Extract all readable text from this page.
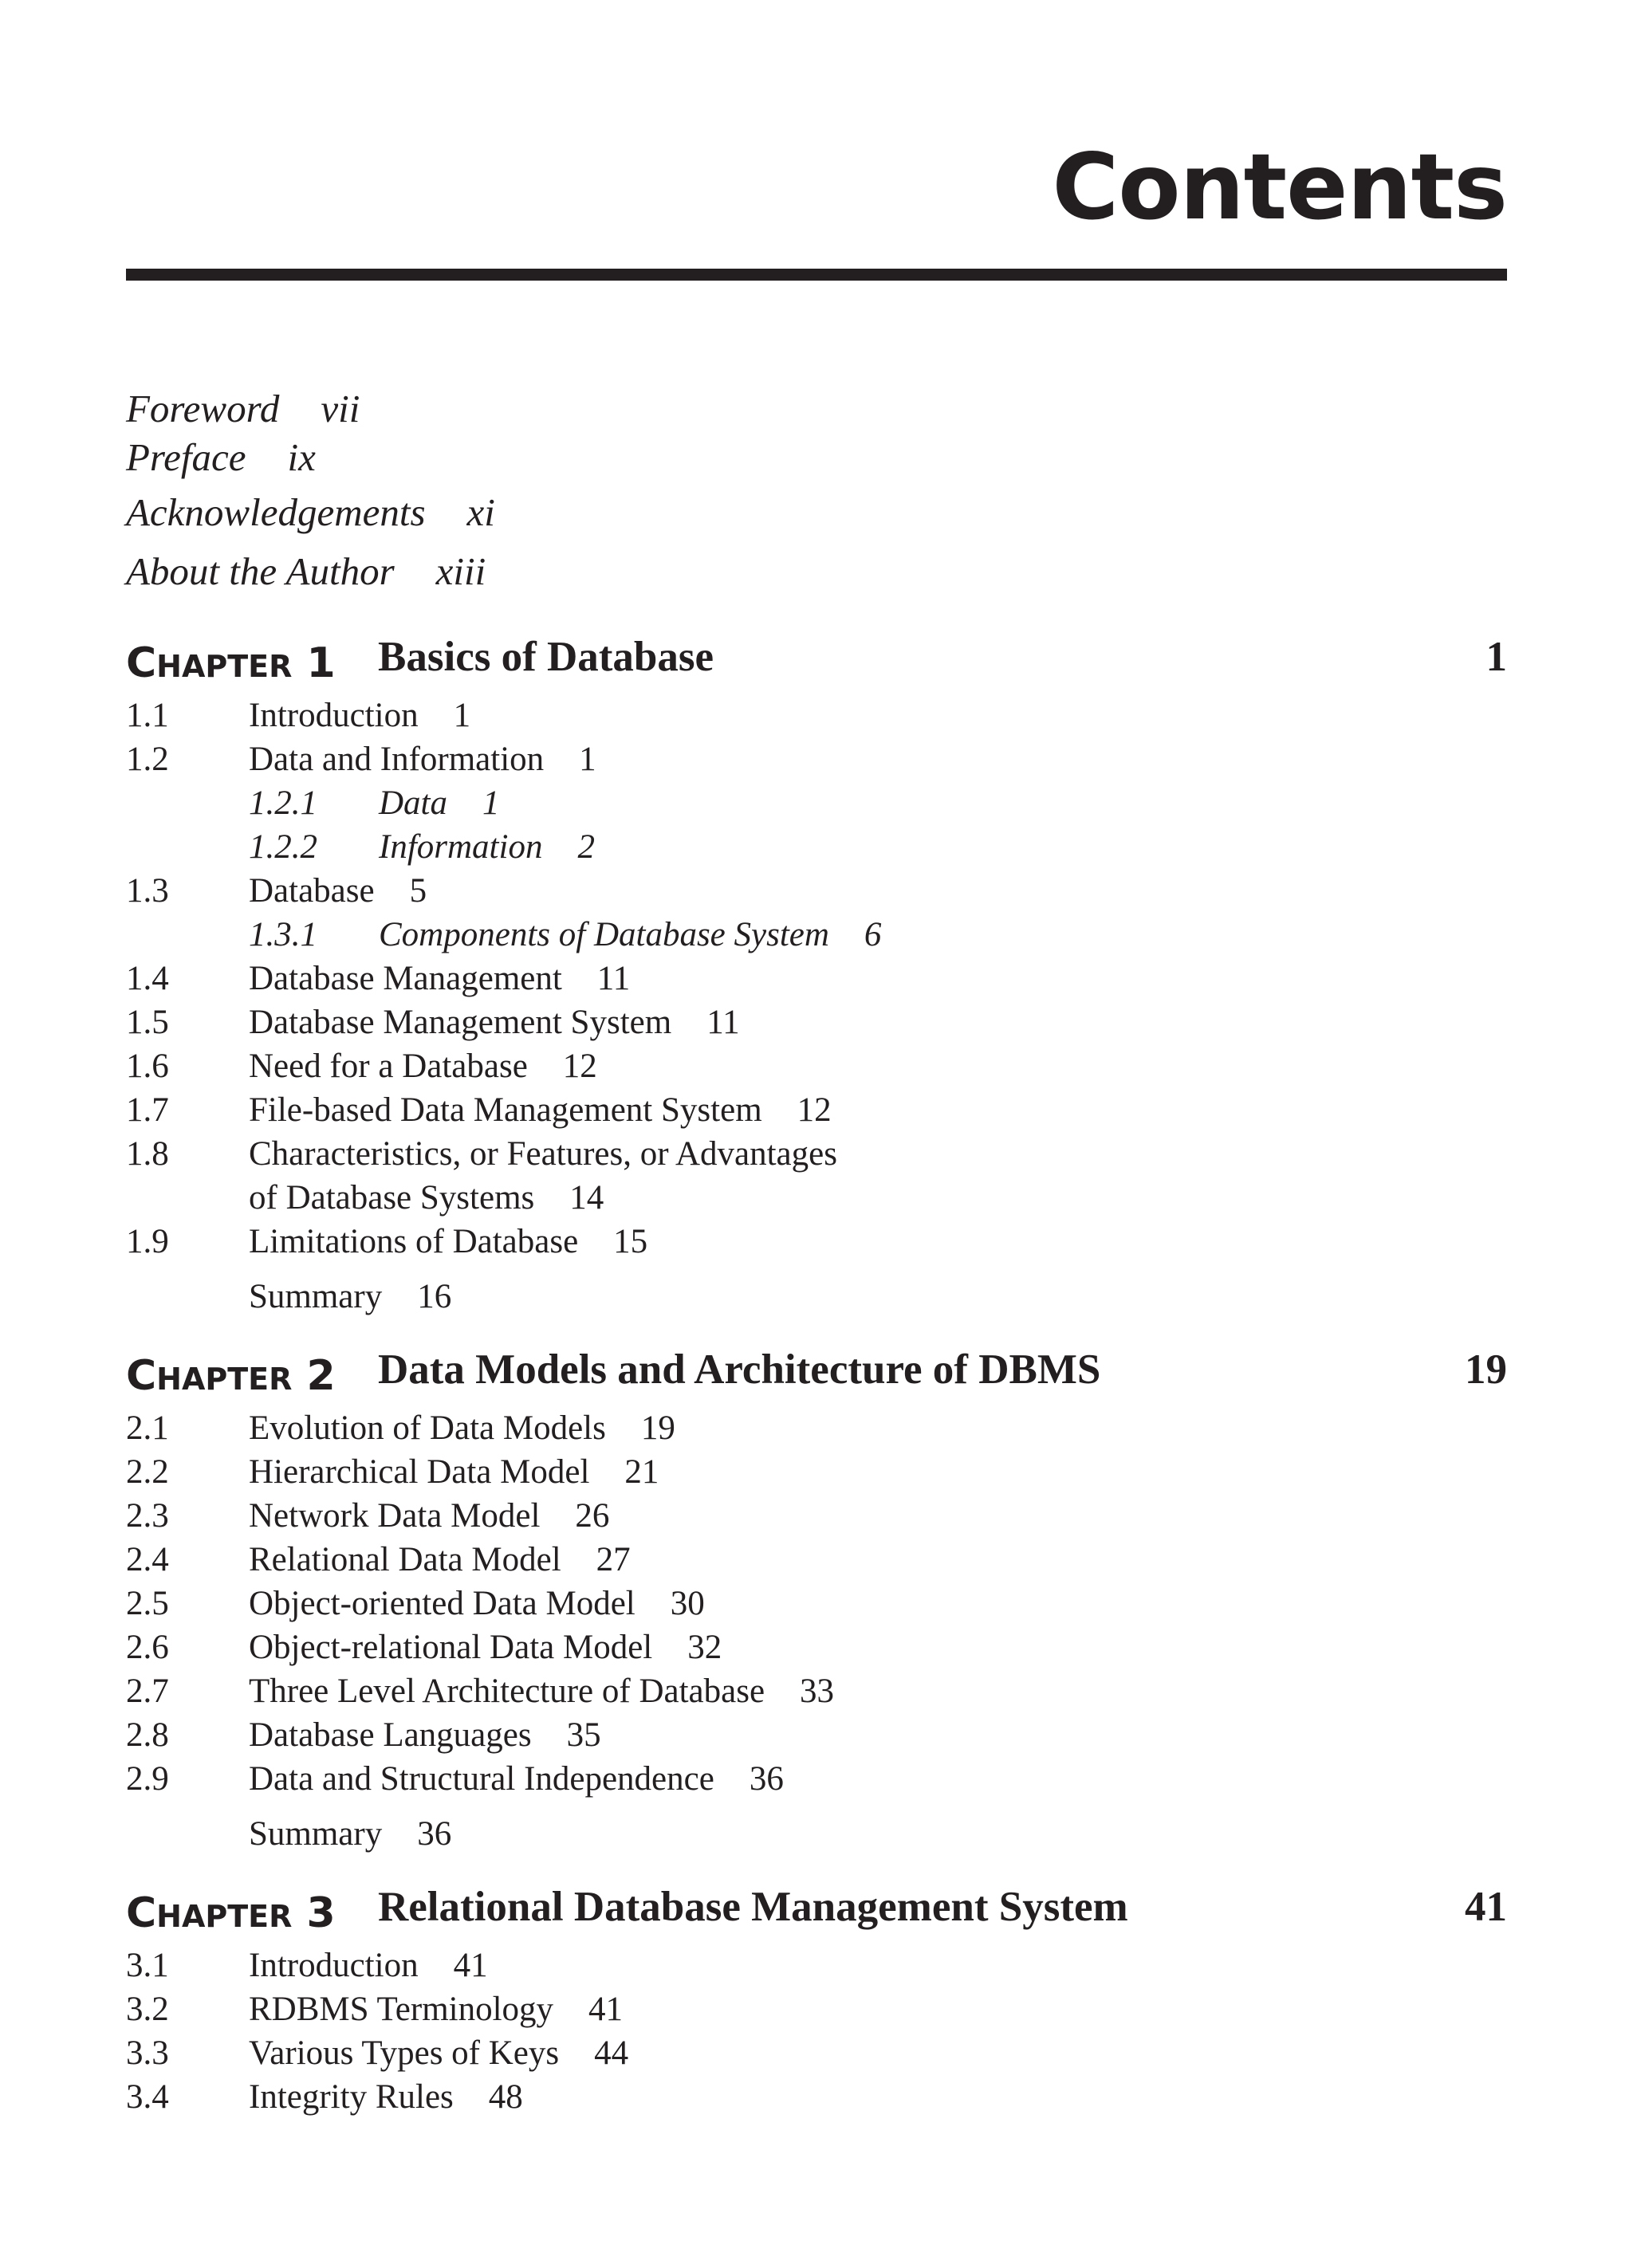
Contents
Foreword vii
Preface ix
Acknowledgements xi
About the Author xiii
CHAPTER 1 Basics of Database	1
1.1 Introduction 1
1.2 Data and Information 1
1.2.1 Data 1
1.2.2 Information 2
1.3 Database 5
1.3.1 Components of Database System 6
1.4 Database Management 11
1.5 Database Management System 11
1.6 Need for a Database 12
1.7 File-based Data Management System 12
1.8 Characteristics, or Features, or Advantages
of Database Systems 14
1.9 Limitations of Database 15
Summary 16
CHAPTER 2 Data Models and Architecture of DBMS	19
2.1 Evolution of Data Models 19
2.2 Hierarchical Data Model 21
2.3 Network Data Model 26
2.4 Relational Data Model 27
2.5 Object-oriented Data Model 30
2.6 Object-relational Data Model 32
2.7 Three Level Architecture of Database 33
2.8 Database Languages 35
2.9 Data and Structural Independence 36
Summary 36
CHAPTER 3 Relational Database Management System	41
3.1 Introduction 41
3.2 RDBMS Terminology 41
3.3 Various Types of Keys 44
3.4 Integrity Rules 48
